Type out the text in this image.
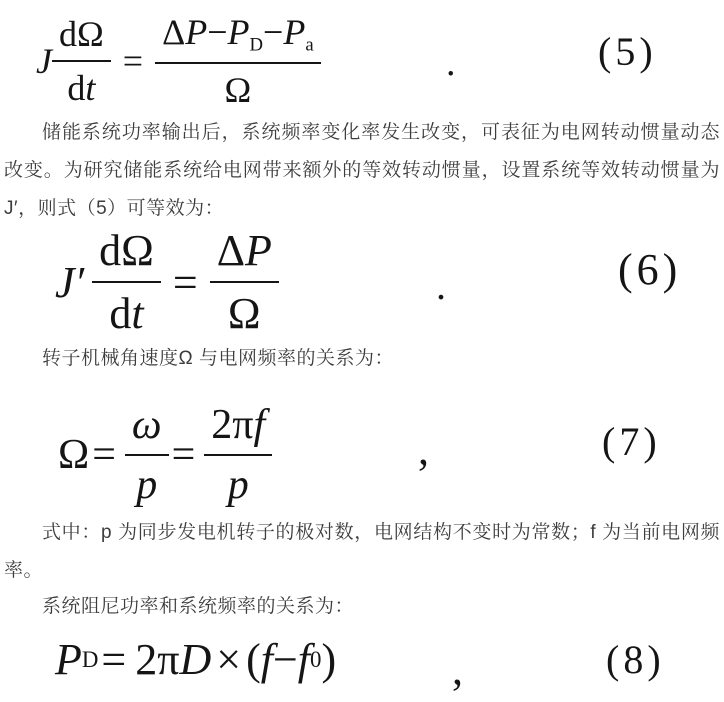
J $\frac{d\Omega}{dt} = \frac{\Delta P-P_D-P_a}{\Omega}$	.	(5)

储能系统功率输出后，系统频率变化率发生改变，可表征为电网转动惯量动态改变。为研究储能系统给电网带来额外的等效转动惯量，设置系统等效转动惯量为J′，则式（5）可等效为：

$J' \frac{d\Omega}{dt} = \frac{\Delta P}{\Omega}$	.	(6)

转子机械角速度Ω 与电网频率的关系为：

$\Omega = \frac{\omega}{p} = \frac{2\pi f}{p}$	,	(7)

式中：p 为同步发电机转子的极对数，电网结构不变时为常数；f 为当前电网频率。

系统阻尼功率和系统频率的关系为：

P D = 2π D × ( f − f 0 )	,	(8)
